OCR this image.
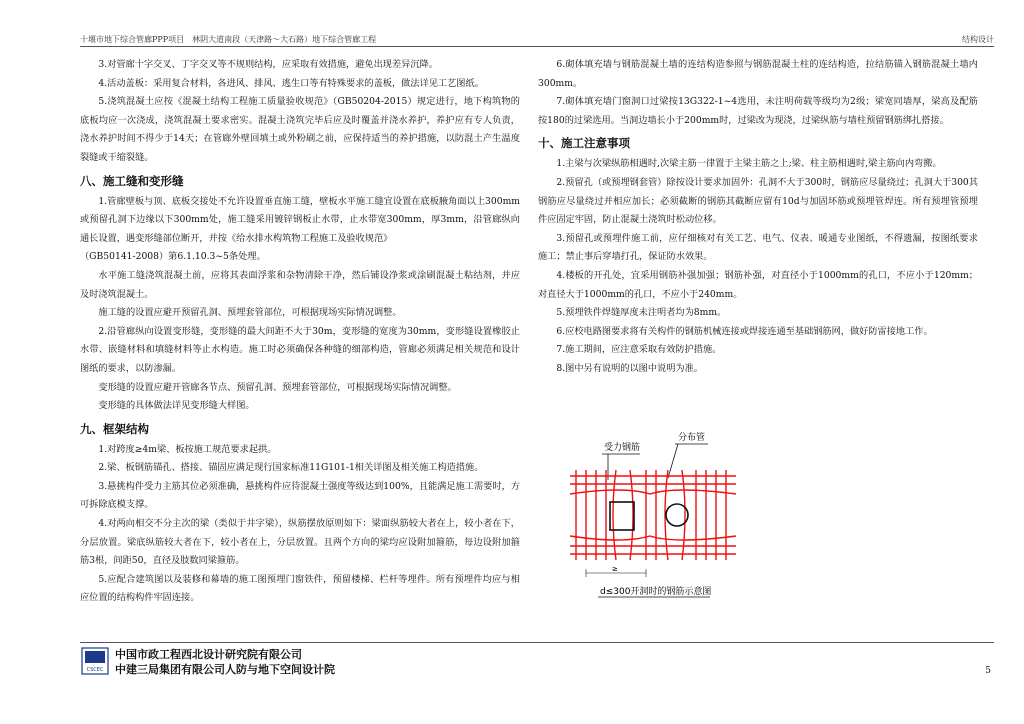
十堰市地下综合管廊PPP项目　林阴大道南段（天津路～大石路）地下综合管廊工程	结构设计

3.对管廊十字交叉、丁字交叉等不规则结构，应采取有效措施，避免出现差异沉降。

4.活动盖板：采用复合材料，各进风、排风、逃生口等有特殊要求的盖板，做法详见工艺图纸。

5.浇筑混凝土应按《混凝土结构工程施工质量验收规范》（GB50204-2015）规定进行，地下构筑物的底板均应一次浇成，浇筑混凝土要求密实。混凝土浇筑完毕后应及时覆盖并浇水养护，养护应有专人负责，浇水养护时间不得少于14天；在管廊外壁回填土或外粉刷之前，应保持适当的养护措施，以防混土产生温度裂缝或干缩裂缝。

八、施工缝和变形缝

1.管廊壁板与顶、底板交接处不允许设置垂直施工缝，壁板水平施工缝宜设置在底板腋角面以上300mm或预留孔洞下边缘以下300mm处，施工缝采用镀锌钢板止水带，止水带宽300mm，厚3mm，沿管廊纵向通长设置，遇变形缝部位断开，并按《给水排水构筑物工程施工及验收规范》

（GB50141-2008）第6.1.10.3~5条处理。

水平施工缝浇筑混凝土前，应将其表面浮浆和杂物清除干净，然后铺设净浆或涂刷混凝土粘结剂，并应及时浇筑混凝土。

施工缝的设置应避开预留孔洞、预埋套管部位，可根据现场实际情况调整。

2.沿管廊纵向设置变形缝，变形缝的最大间距不大于30m，变形缝的宽度为30mm，变形缝设置橡胶止水带、嵌缝材料和填缝材料等止水构造。施工时必须确保各种缝的细部构造，管廊必须满足相关规范和设计图纸的要求，以防渗漏。

变形缝的设置应避开管廊各节点、预留孔洞、预埋套管部位，可根据现场实际情况调整。

变形缝的具体做法详见变形缝大样图。

九、框架结构

1.对跨度≥4m梁、板按施工规范要求起拱。

2.梁、板钢筋锚孔、搭接、锚固应满足现行国家标准11G101-1相关详图及相关施工构造措施。

3.悬挑构件受力主筋其位必须准确，悬挑构件应待混凝土强度等级达到100%，且能满足施工需要时，方可拆除底模支撑。

4.对两向相交不分主次的梁（类似于井字梁），纵筋摆放原则如下：梁面纵筋较大者在上，较小者在下，分层放置。梁底纵筋较大者在下，较小者在上，分层放置。且两个方向的梁均应设附加箍筋，每边设附加箍筋3根，间距50，直径及肢数同梁箍筋。

5.应配合建筑图以及装修和幕墙的施工图预埋门窗铁件，预留楼梯、栏杆等埋件。所有预埋件均应与相应位置的结构构件牢固连接。

6.砌体填充墙与钢筋混凝土墙的连结构造参照与钢筋混凝土柱的连结构造，拉结筋锚入钢筋混凝土墙内300mm。

7.砌体填充墙门窗洞口过梁按13G322-1~4选用，未注明荷载等级均为2级；梁宽同墙厚，梁高及配筋按180的过梁选用。当洞边墙长小于200mm时，过梁改为现浇，过梁纵筋与墙柱预留钢筋绑扎搭接。

十、施工注意事项

1.主梁与次梁纵筋相遇时,次梁主筋一律置于主梁主筋之上;梁、柱主筋相遇时,梁主筋向内弯搬。

2.预留孔（或预埋钢套管）除按设计要求加固外：孔洞不大于300时，钢筋应尽量绕过；孔洞大于300其钢筋应尽量绕过并相应加长；必须截断的钢筋其截断应留有10d与加固环筋或预埋管焊连。所有预埋管预埋件应固定牢固，防止混凝土浇筑时松动位移。

3.预留孔或预埋件施工前，应仔细核对有关工艺、电气、仪表、暖通专业图纸，不得遗漏，按图纸要求施工；禁止事后穿墙打孔，保证防水效果。

4.楼板的开孔处，宜采用钢筋补强加强；钢筋补强，对直径小于1000mm的孔口，不应小于120mm；对直径大于1000mm的孔口，不应小于240mm。

5.预埋铁件焊缝厚度未注明者均为8mm。

6.应校电路图要求将有关构件的钢筋机械连接或焊接连通至基础钢筋网，做好防雷接地工作。

7.施工期间，应注意采取有效防护措施。

8.图中另有说明的以图中说明为准。

受力钢筋
分布管
≥
d≤300开洞时的钢筋示意图
CSCEC
中国市政工程西北设计研究院有限公司
中建三局集团有限公司人防与地下空间设计院	5
